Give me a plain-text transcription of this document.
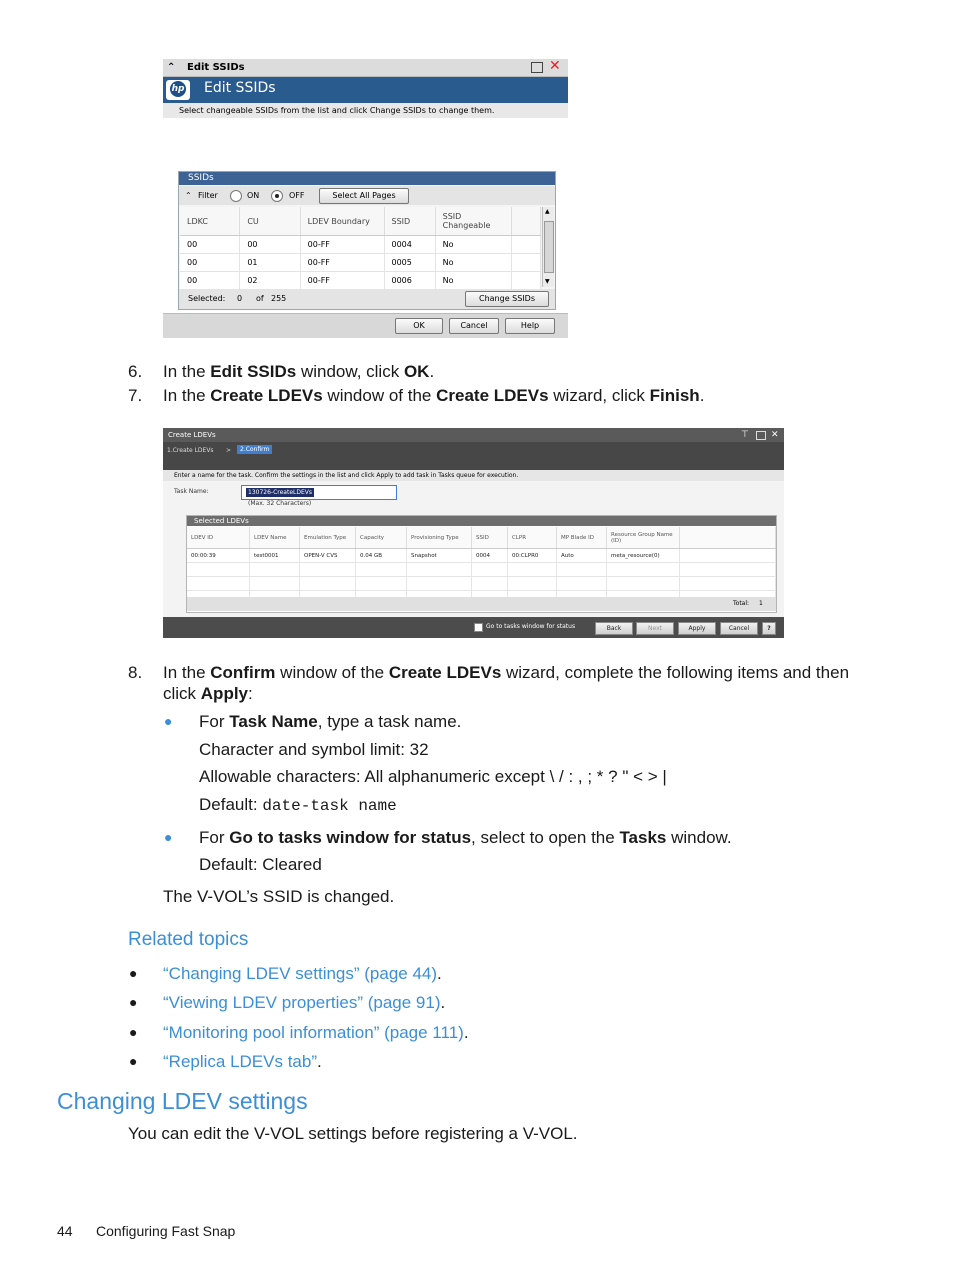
⌃ Edit SSIDs	✕
hp Edit SSIDs
Select changeable SSIDs from the list and click Change SSIDs to change them.
SSIDs
⌃ Filter	ON	OFF	Select All Pages
LDKC	CU	LDEV Boundary	SSID	SSID Changeable	
00	00	00-FF	0004	No	
00	01	00-FF	0005	No	
00	02	00-FF	0006	No	
▲
▼
Selected: 0 of 255	Change SSIDs
OK	Cancel	Help
6. In the Edit SSIDs window, click OK.
7. In the Create LDEVs window of the Create LDEVs wizard, click Finish.
Create LDEVs	⊤ ✕
1.Create LDEVs >	2.Confirm
Enter a name for the task. Confirm the settings in the list and click Apply to add task in Tasks queue for execution.
Task Name:	130726-CreateLDEVs
(Max. 32 Characters)
Selected LDEVs
LDEV ID	LDEV Name	Emulation Type	Capacity	Provisioning Type	SSID	CLPR	MP Blade ID	Resource Group Name (ID)	
00:00:39	test0001	OPEN-V CVS	0.04 GB	Snapshot	0004	00:CLPR0	Auto	meta_resource(0)	

Total: 1
Go to tasks window for status	Back	Next	Apply	Cancel	?
8. In the Confirm window of the Create LDEVs wizard, complete the following items and then
click Apply:
● For Task Name, type a task name.
Character and symbol limit: 32
Allowable characters: All alphanumeric except \ / : , ; * ? " < > |
Default: date-task name
● For Go to tasks window for status, select to open the Tasks window.
Default: Cleared
The V-VOL’s SSID is changed.
Related topics
● “Changing LDEV settings” (page 44).
● “Viewing LDEV properties” (page 91).
● “Monitoring pool information” (page 111).
● “Replica LDEVs tab”.
Changing LDEV settings
You can edit the V-VOL settings before registering a V-VOL.
44 Configuring Fast Snap
